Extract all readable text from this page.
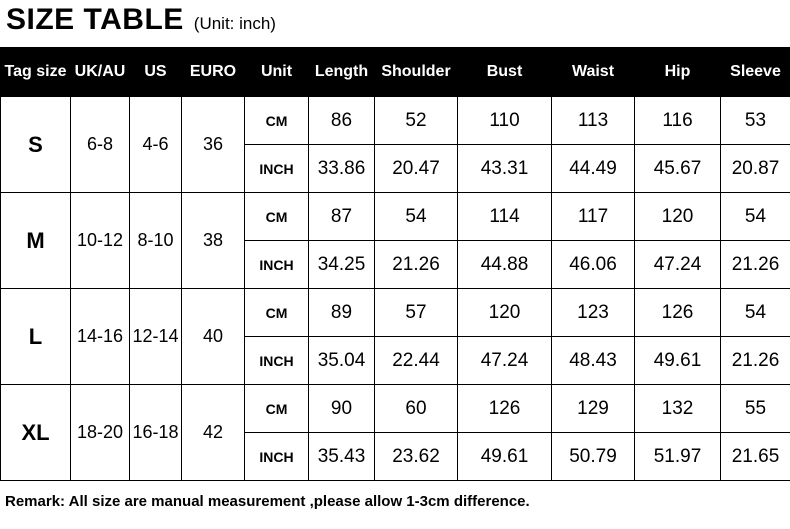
SIZE TABLE (Unit: inch)
Tag size	UK/AU	US	EURO	Unit	Length	Shoulder	Bust	Waist	Hip	Sleeve
S	6-8	4-6	36	CM	86	52	110	113	116	53
				INCH	33.86	20.47	43.31	44.49	45.67	20.87
M	10-12	8-10	38	CM	87	54	114	117	120	54
				INCH	34.25	21.26	44.88	46.06	47.24	21.26
L	14-16	12-14	40	CM	89	57	120	123	126	54
				INCH	35.04	22.44	47.24	48.43	49.61	21.26
XL	18-20	16-18	42	CM	90	60	126	129	132	55
				INCH	35.43	23.62	49.61	50.79	51.97	21.65
Remark: All size are manual measurement ,please allow 1-3cm difference.
